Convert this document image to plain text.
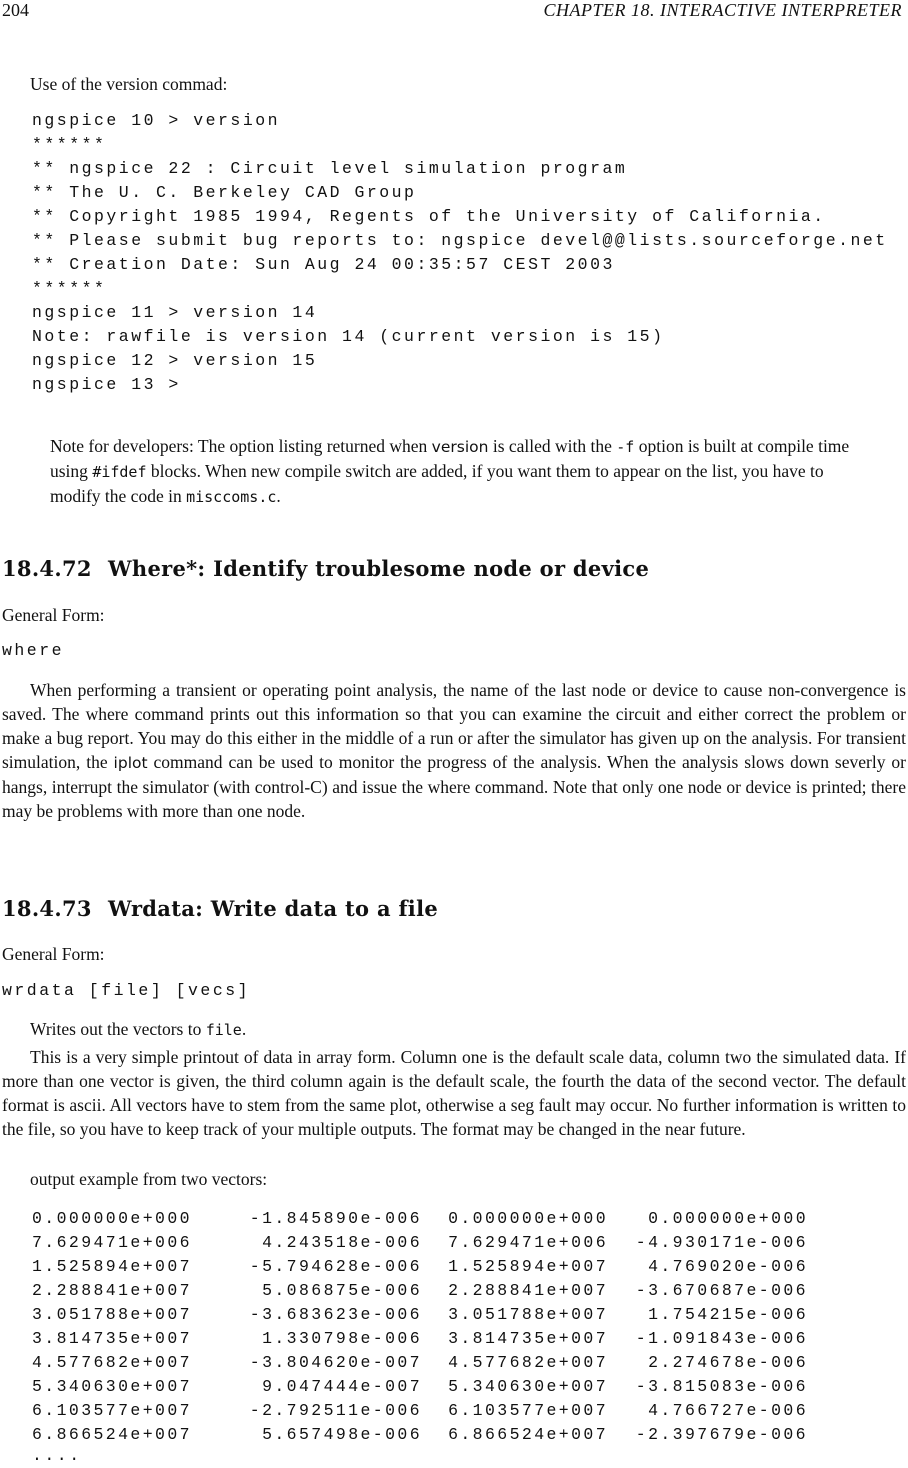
204	CHAPTER 18. INTERACTIVE INTERPRETER
Use of the version commad:
ngspice 10 > version
******
** ngspice 22 : Circuit level simulation program
** The U. C. Berkeley CAD Group
** Copyright 1985 1994, Regents of the University of California.
** Please submit bug reports to: ngspice devel@@lists.sourceforge.net
** Creation Date: Sun Aug 24 00:35:57 CEST 2003
******
ngspice 11 > version 14
Note: rawfile is version 14 (current version is 15)
ngspice 12 > version 15
ngspice 13 >
Note for developers: The option listing returned when version is called with the -f option is built at compile time using #ifdef blocks. When new compile switch are added, if you want them to appear on the list, you have to modify the code in misccoms.c.
18.4.72 Where*: Identify troublesome node or device
General Form:
where
When performing a transient or operating point analysis, the name of the last node or device to cause non-convergence is saved. The where command prints out this information so that you can examine the circuit and either correct the problem or make a bug report. You may do this either in the middle of a run or after the simulator has given up on the analysis. For transient simulation, the iplot command can be used to monitor the progress of the analysis. When the analysis slows down severly or hangs, interrupt the simulator (with control-C) and issue the where command. Note that only one node or device is printed; there may be problems with more than one node.
18.4.73 Wrdata: Write data to a file
General Form:
wrdata [file] [vecs]
Writes out the vectors to file.
This is a very simple printout of data in array form. Column one is the default scale data, column two the simulated data. If more than one vector is given, the third column again is the default scale, the fourth the data of the second vector. The default format is ascii. All vectors have to stem from the same plot, otherwise a seg fault may occur. No further information is written to the file, so you have to keep track of your multiple outputs. The format may be changed in the near future.
output example from two vectors:
0.000000e+000	-1.845890e-006	0.000000e+000	0.000000e+000
7.629471e+006	4.243518e-006	7.629471e+006	-4.930171e-006
1.525894e+007	-5.794628e-006	1.525894e+007	4.769020e-006
2.288841e+007	5.086875e-006	2.288841e+007	-3.670687e-006
3.051788e+007	-3.683623e-006	3.051788e+007	1.754215e-006
3.814735e+007	1.330798e-006	3.814735e+007	-1.091843e-006
4.577682e+007	-3.804620e-007	4.577682e+007	2.274678e-006
5.340630e+007	9.047444e-007	5.340630e+007	-3.815083e-006
6.103577e+007	-2.792511e-006	6.103577e+007	4.766727e-006
6.866524e+007	5.657498e-006	6.866524e+007	-2.397679e-006
....
